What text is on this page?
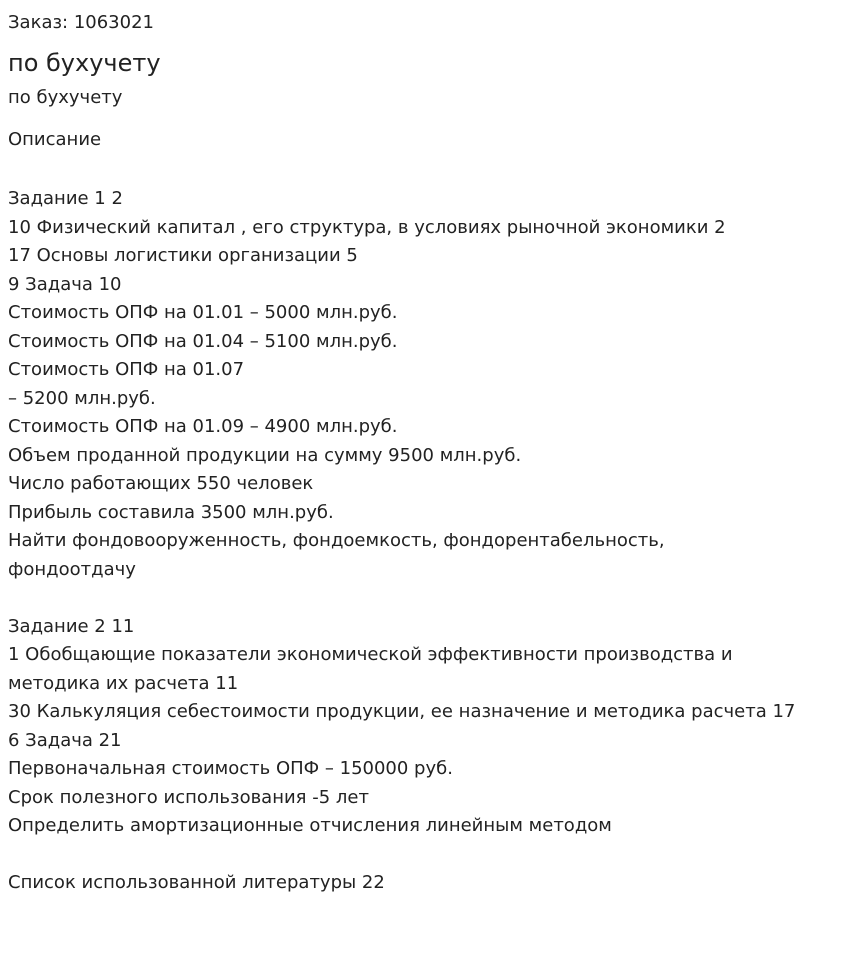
Заказ: 1063021
по бухучету
по бухучету
Описание
Задание 1 2
10 Физический капитал , его структура, в условиях рыночной экономики 2
17 Основы логистики организации 5
9 Задача 10
Стоимость ОПФ на 01.01 – 5000 млн.руб.
Стоимость ОПФ на 01.04 – 5100 млн.руб.
Стоимость ОПФ на 01.07
– 5200 млн.руб.
Стоимость ОПФ на 01.09 – 4900 млн.руб.
Объем проданной продукции на сумму 9500 млн.руб.
Число работающих 550 человек
Прибыль составила 3500 млн.руб.
Найти фондовооруженность, фондоемкость, фондорентабельность,
фондоотдачу
Задание 2 11
1 Обобщающие показатели экономической эффективности производства и
методика их расчета 11
30 Калькуляция себестоимости продукции, ее назначение и методика расчета 17
6 Задача 21
Первоначальная стоимость ОПФ – 150000 руб.
Срок полезного использования -5 лет
Определить амортизационные отчисления линейным методом
Список использованной литературы 22
